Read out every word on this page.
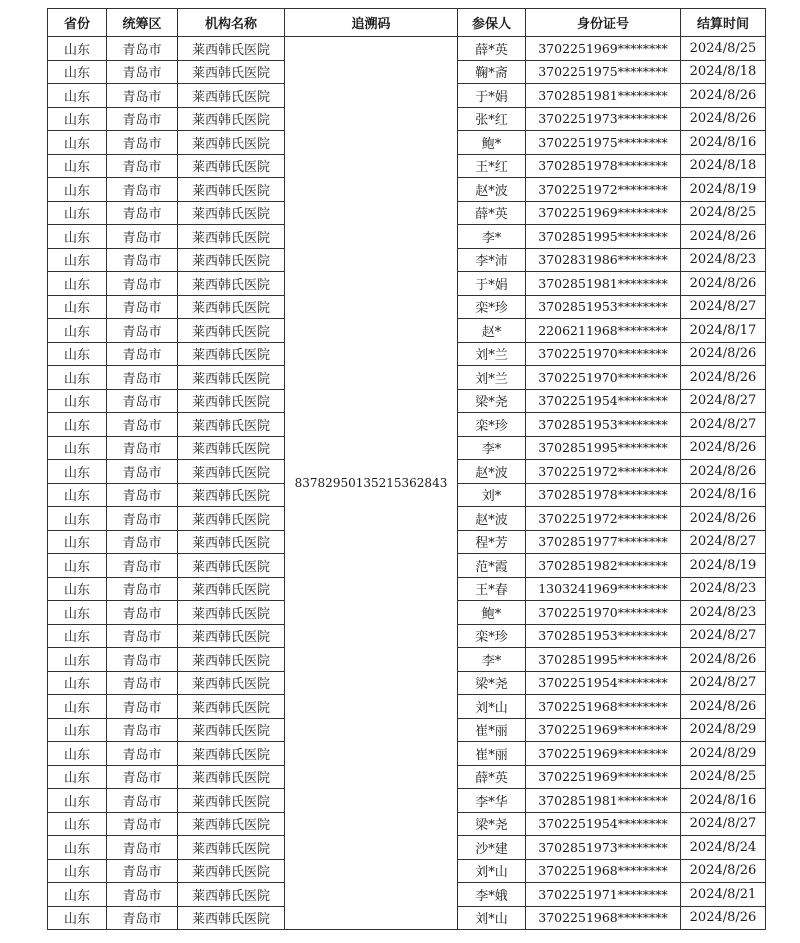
省份	统筹区	机构名称	追溯码	参保人	身份证号	结算时间
山东	青岛市	莱西韩氏医院	83782950135215362843	薛*英	3702251969********	2024/8/25
山东	青岛市	莱西韩氏医院		鞠*斋	3702251975********	2024/8/18
山东	青岛市	莱西韩氏医院		于*娟	3702851981********	2024/8/26
山东	青岛市	莱西韩氏医院		张*红	3702251973********	2024/8/26
山东	青岛市	莱西韩氏医院		鲍*	3702251975********	2024/8/16
山东	青岛市	莱西韩氏医院		王*红	3702851978********	2024/8/18
山东	青岛市	莱西韩氏医院		赵*波	3702251972********	2024/8/19
山东	青岛市	莱西韩氏医院		薛*英	3702251969********	2024/8/25
山东	青岛市	莱西韩氏医院		李*	3702851995********	2024/8/26
山东	青岛市	莱西韩氏医院		李*沛	3702831986********	2024/8/23
山东	青岛市	莱西韩氏医院		于*娟	3702851981********	2024/8/26
山东	青岛市	莱西韩氏医院		栾*珍	3702851953********	2024/8/27
山东	青岛市	莱西韩氏医院		赵*	2206211968********	2024/8/17
山东	青岛市	莱西韩氏医院		刘*兰	3702251970********	2024/8/26
山东	青岛市	莱西韩氏医院		刘*兰	3702251970********	2024/8/26
山东	青岛市	莱西韩氏医院		梁*尧	3702251954********	2024/8/27
山东	青岛市	莱西韩氏医院		栾*珍	3702851953********	2024/8/27
山东	青岛市	莱西韩氏医院		李*	3702851995********	2024/8/26
山东	青岛市	莱西韩氏医院		赵*波	3702251972********	2024/8/26
山东	青岛市	莱西韩氏医院		刘*	3702851978********	2024/8/16
山东	青岛市	莱西韩氏医院		赵*波	3702251972********	2024/8/26
山东	青岛市	莱西韩氏医院		程*芳	3702851977********	2024/8/27
山东	青岛市	莱西韩氏医院		范*霞	3702851982********	2024/8/19
山东	青岛市	莱西韩氏医院		王*春	1303241969********	2024/8/23
山东	青岛市	莱西韩氏医院		鲍*	3702251970********	2024/8/23
山东	青岛市	莱西韩氏医院		栾*珍	3702851953********	2024/8/27
山东	青岛市	莱西韩氏医院		李*	3702851995********	2024/8/26
山东	青岛市	莱西韩氏医院		梁*尧	3702251954********	2024/8/27
山东	青岛市	莱西韩氏医院		刘*山	3702251968********	2024/8/26
山东	青岛市	莱西韩氏医院		崔*丽	3702251969********	2024/8/29
山东	青岛市	莱西韩氏医院		崔*丽	3702251969********	2024/8/29
山东	青岛市	莱西韩氏医院		薛*英	3702251969********	2024/8/25
山东	青岛市	莱西韩氏医院		李*华	3702851981********	2024/8/16
山东	青岛市	莱西韩氏医院		梁*尧	3702251954********	2024/8/27
山东	青岛市	莱西韩氏医院		沙*建	3702851973********	2024/8/24
山东	青岛市	莱西韩氏医院		刘*山	3702251968********	2024/8/26
山东	青岛市	莱西韩氏医院		李*娥	3702251971********	2024/8/21
山东	青岛市	莱西韩氏医院		刘*山	3702251968********	2024/8/26
